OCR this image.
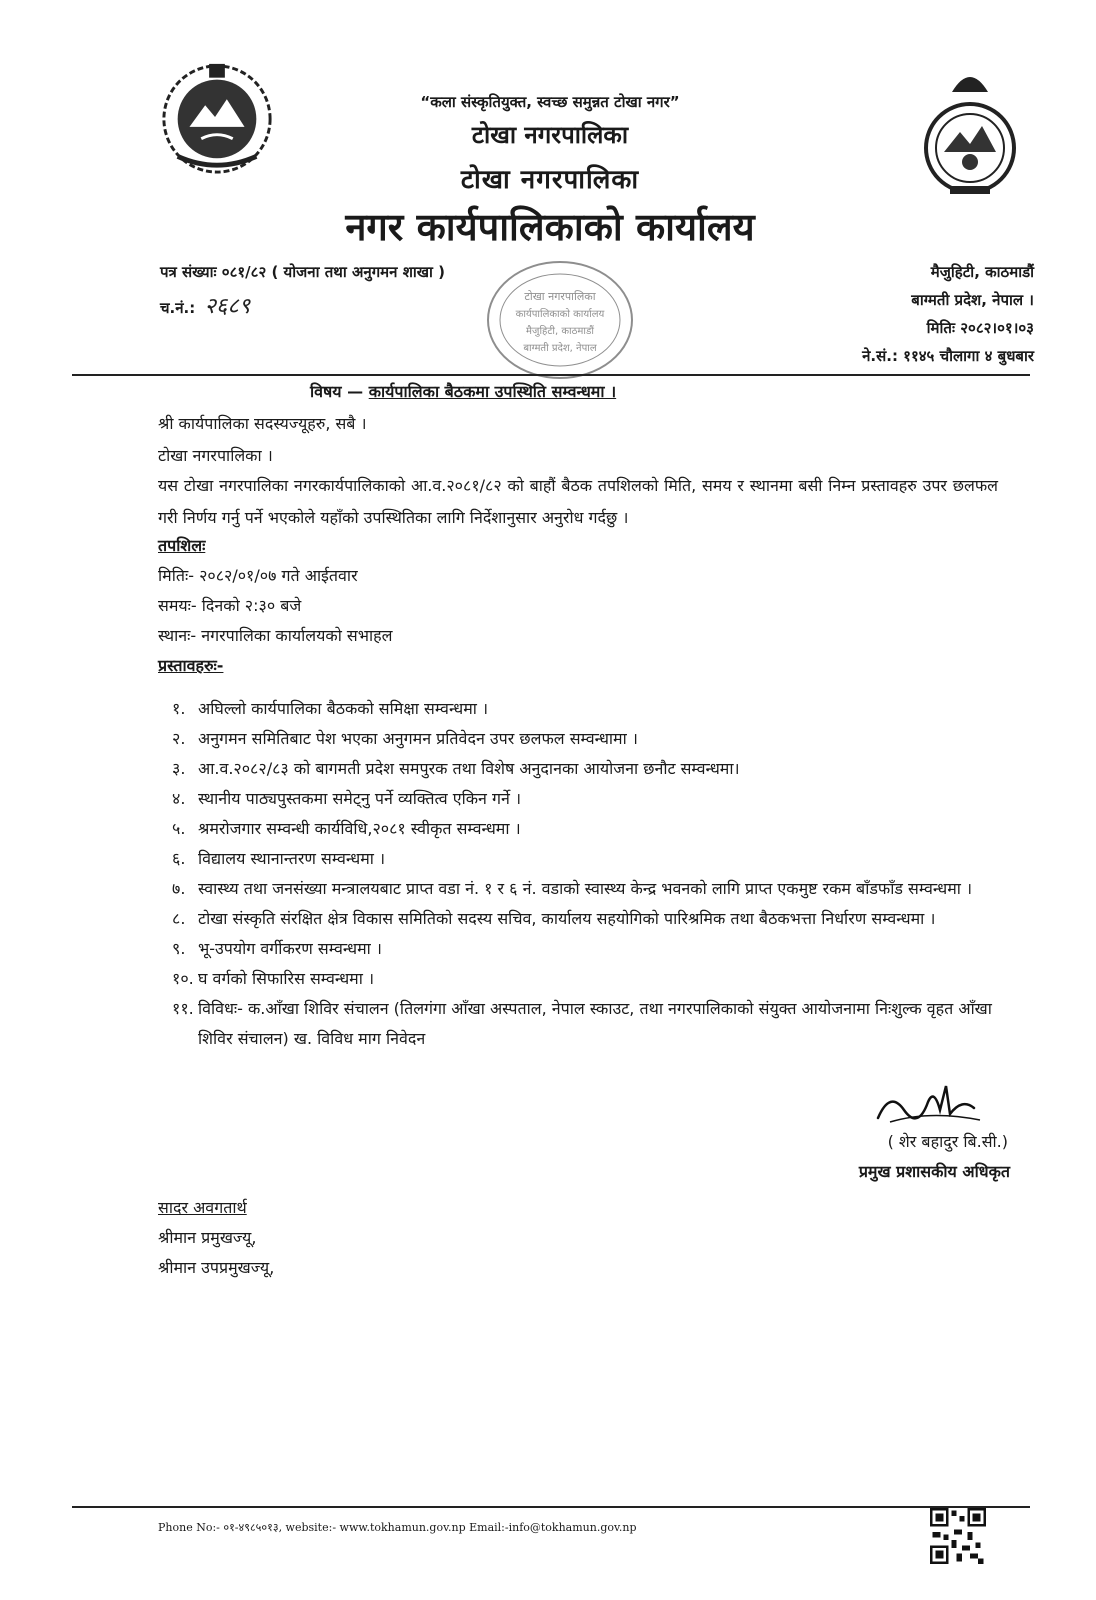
“कला संस्कृतियुक्त, स्वच्छ समुन्नत टोखा नगर”
टोखा नगरपालिका
टोखा नगरपालिका
नगर कार्यपालिकाको कार्यालय
पत्र संख्याः ०८१/८२ ( योजना तथा अनुगमन शाखा )
च.नं.: २६८९
मैजुहिटी, काठमाडौं
बाग्मती प्रदेश, नेपाल ।
मितिः २०८२।०१।०३
ने.सं.: ११४५ चौलागा ४ बुधबार
टोखा नगरपालिका
कार्यपालिकाको कार्यालय
मैजुहिटी, काठमाडौं
बाग्मती प्रदेश, नेपाल
विषय — कार्यपालिका बैठकमा उपस्थिति सम्वन्धमा ।
श्री कार्यपालिका सदस्यज्यूहरु, सबै ।
टोखा नगरपालिका ।
यस टोखा नगरपालिका नगरकार्यपालिकाको आ.व.२०८१/८२ को बाहौं बैठक तपशिलको मिति, समय र स्थानमा बसी निम्न प्रस्तावहरु उपर छलफल गरी निर्णय गर्नु पर्ने भएकोले यहाँको उपस्थितिका लागि निर्देशानुसार अनुरोध गर्दछु ।
तपशिलः
मितिः- २०८२/०१/०७ गते आईतवार
समयः- दिनको २:३० बजे
स्थानः- नगरपालिका कार्यालयको सभाहल
प्रस्तावहरुः-
१. अघिल्लो कार्यपालिका बैठकको समिक्षा सम्वन्धमा ।
२. अनुगमन समितिबाट पेश भएका अनुगमन प्रतिवेदन उपर छलफल सम्वन्धामा ।
३. आ.व.२०८२/८३ को बागमती प्रदेश समपुरक तथा विशेष अनुदानका आयोजना छनौट सम्वन्धमा।
४. स्थानीय पाठ्यपुस्तकमा समेट्नु पर्ने व्यक्तित्व एकिन गर्ने ।
५. श्रमरोजगार सम्वन्धी कार्यविधि,२०८१ स्वीकृत सम्वन्धमा ।
६. विद्यालय स्थानान्तरण सम्वन्धमा ।
७. स्वास्थ्य तथा जनसंख्या मन्त्रालयबाट प्राप्त वडा नं. १ र ६ नं. वडाको स्वास्थ्य केन्द्र भवनको लागि प्राप्त एकमुष्ट रकम बाँडफाँड सम्वन्धमा ।
८. टोखा संस्कृति संरक्षित क्षेत्र विकास समितिको सदस्य सचिव, कार्यालय सहयोगिको पारिश्रमिक तथा बैठकभत्ता निर्धारण सम्वन्धमा ।
९. भू-उपयोग वर्गीकरण सम्वन्धमा ।
१०. घ वर्गको सिफारिस सम्वन्धमा ।
११. विविधः- क.आँखा शिविर संचालन (तिलगंगा आँखा अस्पताल, नेपाल स्काउट, तथा नगरपालिकाको संयुक्त आयोजनामा निःशुल्क वृहत आँखा शिविर संचालन) ख. विविध माग निवेदन
( शेर बहादुर बि.सी.)
प्रमुख प्रशासकीय अधिकृत
सादर अवगतार्थ
श्रीमान प्रमुखज्यू,
श्रीमान उपप्रमुखज्यू,
Phone No:- ०१-४९८५०१३, website:- www.tokhamun.gov.np Email:-info@tokhamun.gov.np
